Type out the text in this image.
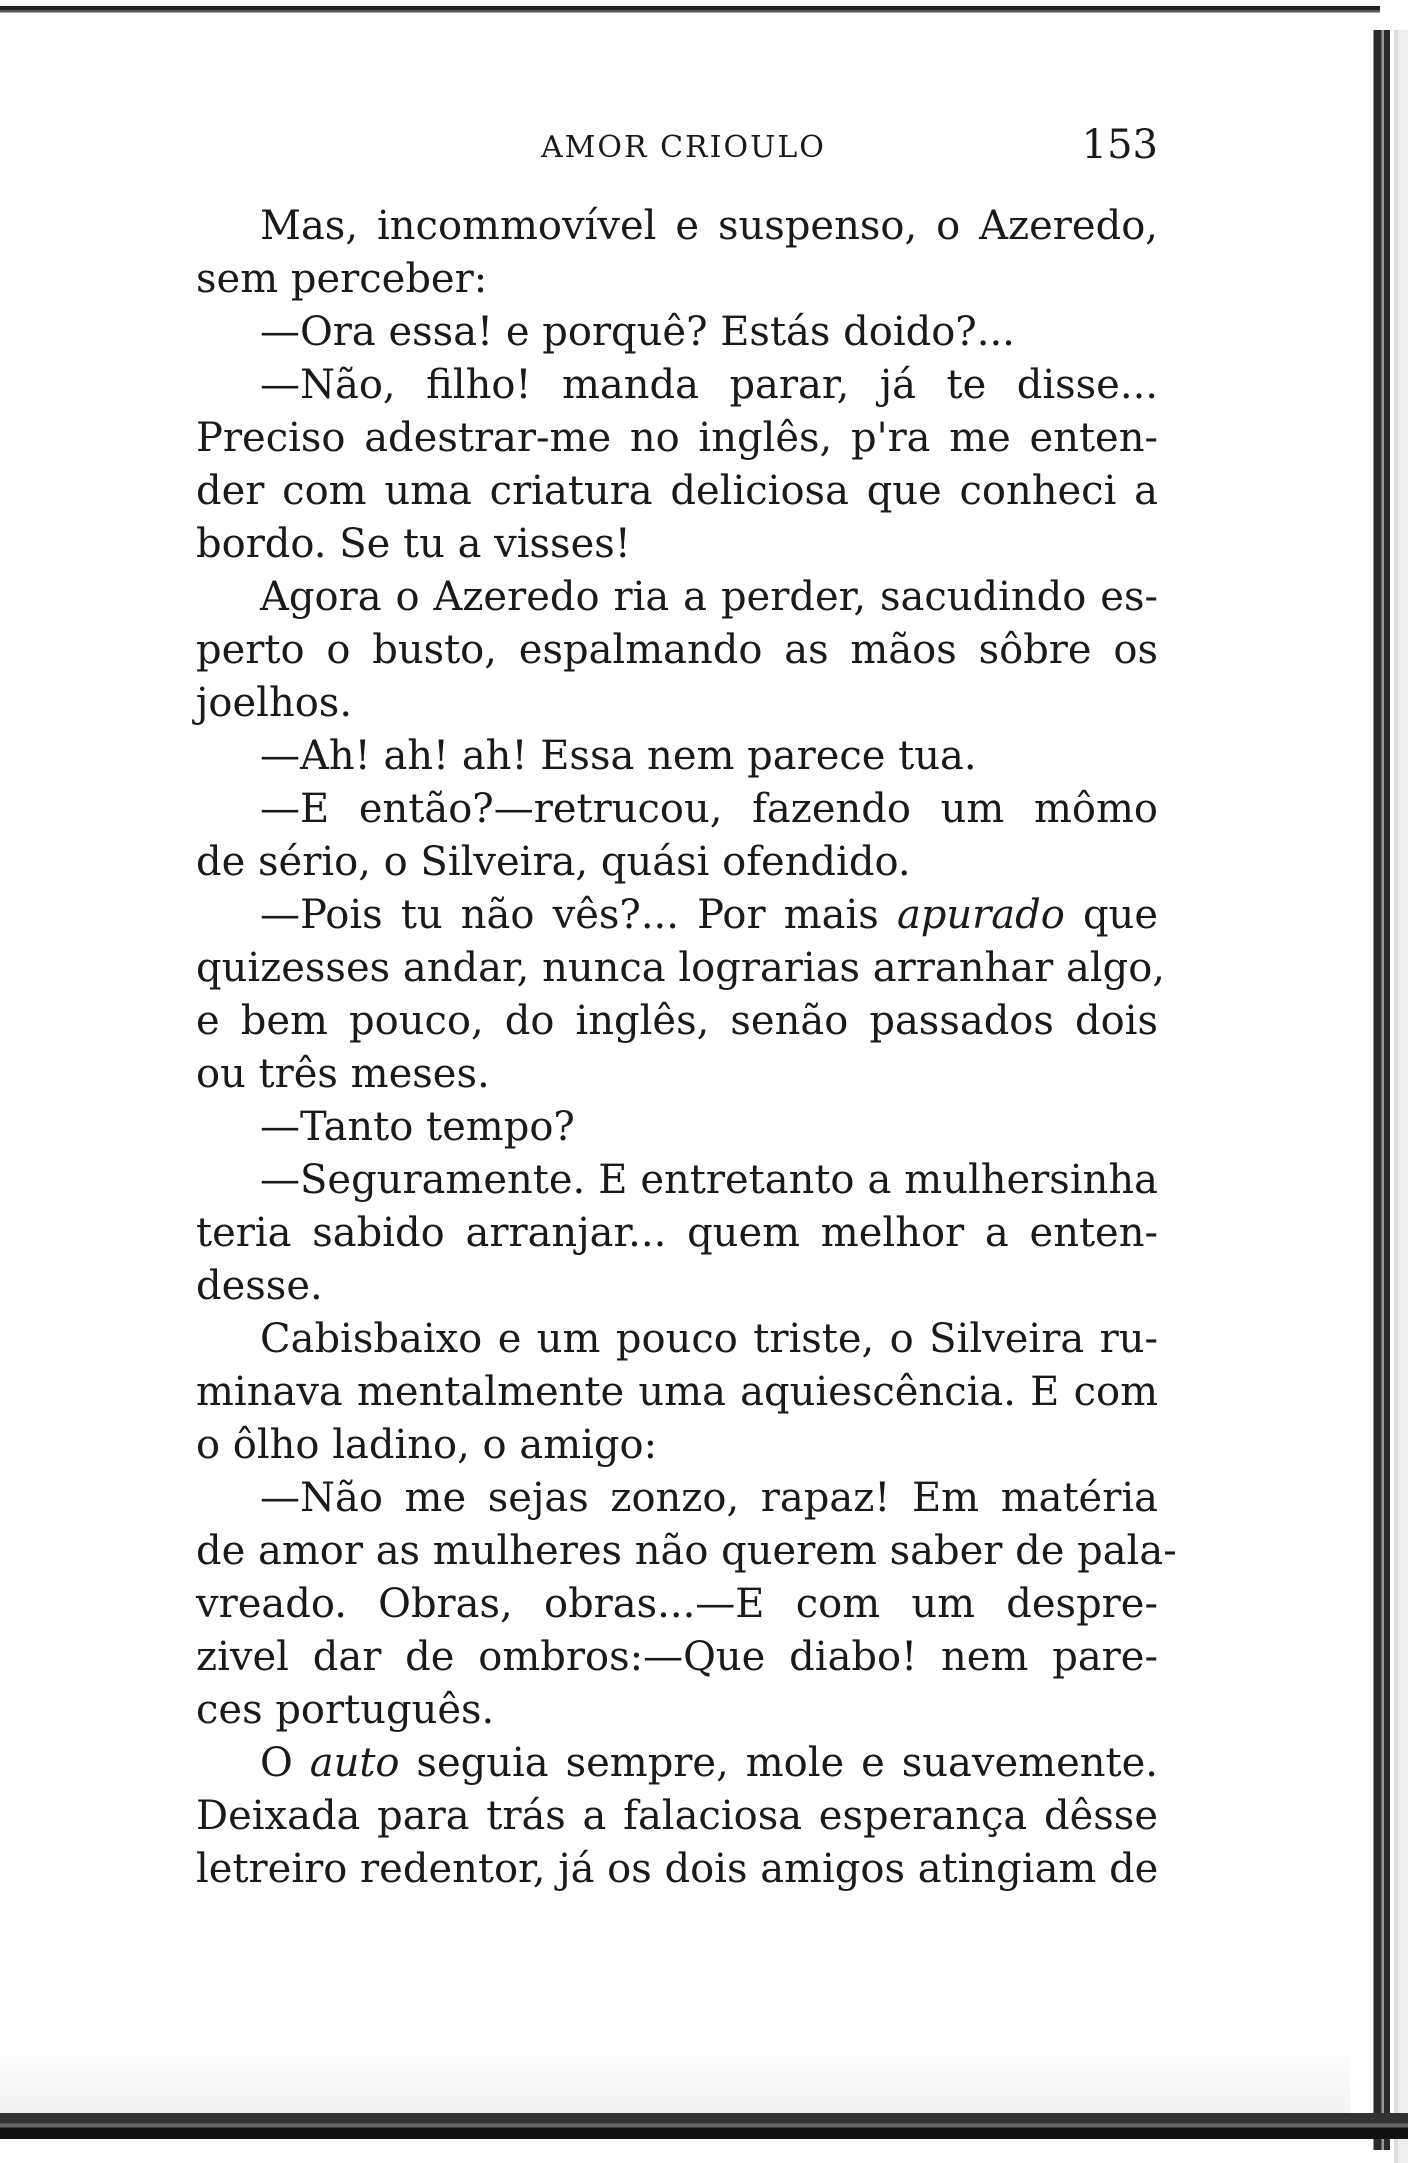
AMOR CRIOULO	153
Mas, incommovível e suspenso, o Azeredo,
sem perceber:
—Ora essa! e porquê? Estás doido?...
—Não, filho! manda parar, já te disse...
Preciso adestrar-me no inglês, p'ra me enten-
der com uma criatura deliciosa que conheci a
bordo. Se tu a visses!
Agora o Azeredo ria a perder, sacudindo es-
perto o busto, espalmando as mãos sôbre os
joelhos.
—Ah! ah! ah! Essa nem parece tua.
—E então?—retrucou, fazendo um mômo
de sério, o Silveira, quási ofendido.
—Pois tu não vês?... Por mais apurado que
quizesses andar, nunca lograrias arranhar algo,
e bem pouco, do inglês, senão passados dois
ou três meses.
—Tanto tempo?
—Seguramente. E entretanto a mulhersinha
teria sabido arranjar... quem melhor a enten-
desse.
Cabisbaixo e um pouco triste, o Silveira ru-
minava mentalmente uma aquiescência. E com
o ôlho ladino, o amigo:
—Não me sejas zonzo, rapaz! Em matéria
de amor as mulheres não querem saber de pala-
vreado. Obras, obras...—E com um despre-
zivel dar de ombros:—Que diabo! nem pare-
ces português.
O auto seguia sempre, mole e suavemente.
Deixada para trás a falaciosa esperança dêsse
letreiro redentor, já os dois amigos atingiam de
